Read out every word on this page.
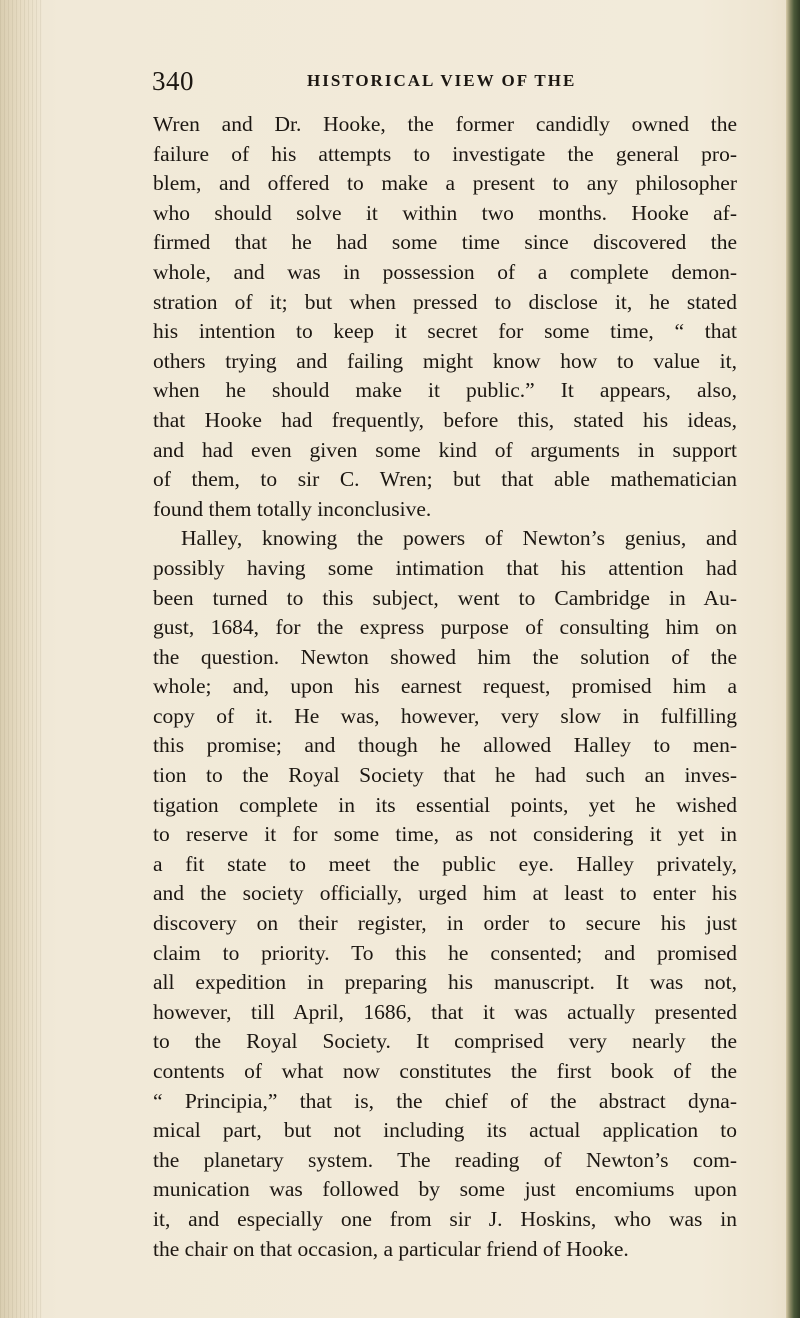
340	HISTORICAL VIEW OF THE
Wren and Dr. Hooke, the former candidly owned the
failure of his attempts to investigate the general pro-
blem, and offered to make a present to any philosopher
who should solve it within two months. Hooke af-
firmed that he had some time since discovered the
whole, and was in possession of a complete demon-
stration of it; but when pressed to disclose it, he stated
his intention to keep it secret for some time, “ that
others trying and failing might know how to value it,
when he should make it public.” It appears, also,
that Hooke had frequently, before this, stated his ideas,
and had even given some kind of arguments in support
of them, to sir C. Wren; but that able mathematician
found them totally inconclusive.
Halley, knowing the powers of Newton’s genius, and
possibly having some intimation that his attention had
been turned to this subject, went to Cambridge in Au-
gust, 1684, for the express purpose of consulting him on
the question. Newton showed him the solution of the
whole; and, upon his earnest request, promised him a
copy of it. He was, however, very slow in fulfilling
this promise; and though he allowed Halley to men-
tion to the Royal Society that he had such an inves-
tigation complete in its essential points, yet he wished
to reserve it for some time, as not considering it yet in
a fit state to meet the public eye. Halley privately,
and the society officially, urged him at least to enter his
discovery on their register, in order to secure his just
claim to priority. To this he consented; and promised
all expedition in preparing his manuscript. It was not,
however, till April, 1686, that it was actually presented
to the Royal Society. It comprised very nearly the
contents of what now constitutes the first book of the
“ Principia,” that is, the chief of the abstract dyna-
mical part, but not including its actual application to
the planetary system. The reading of Newton’s com-
munication was followed by some just encomiums upon
it, and especially one from sir J. Hoskins, who was in
the chair on that occasion, a particular friend of Hooke.
